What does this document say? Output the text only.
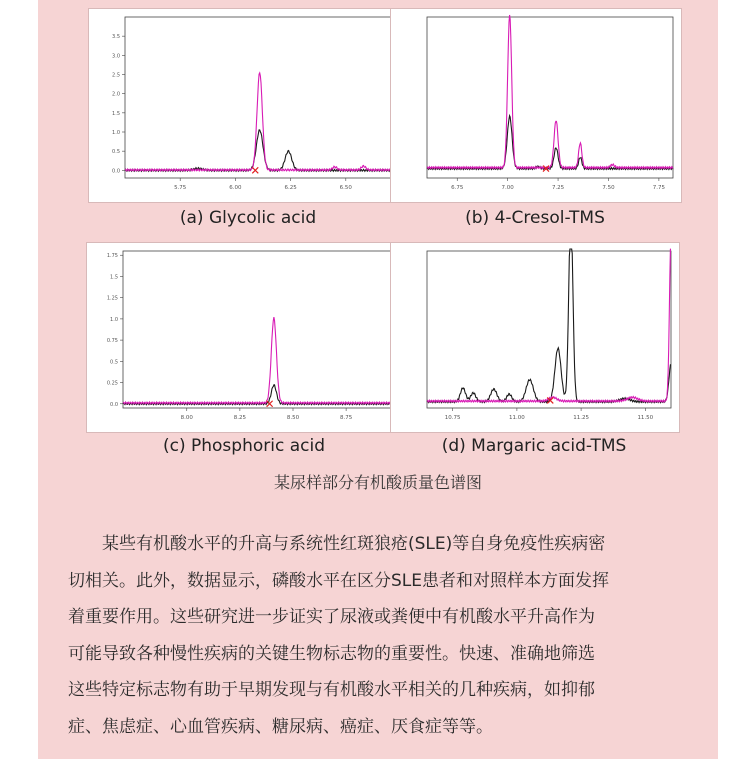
0.0
0.5
1.0
1.5
2.0
2.5
3.0
3.5
5.75	6.00	6.25	6.50
(a) Glycolic acid
6.75	7.00	7.25	7.50	7.75
(b) 4-Cresol-TMS
0.0
0.25
0.5
0.75
1.0
1.25
1.5
1.75
8.00	8.25	8.50	8.75
(c) Phosphoric acid
10.75	11.00	11.25	11.50
(d) Margaric acid-TMS
某尿样部分有机酸质量色谱图
某些有机酸水平的升高与系统性红斑狼疮(SLE)等自身免疫性疾病密
切相关。此外，数据显示，磷酸水平在区分SLE患者和对照样本方面发挥
着重要作用。这些研究进一步证实了尿液或粪便中有机酸水平升高作为
可能导致各种慢性疾病的关键生物标志物的重要性。快速、准确地筛选
这些特定标志物有助于早期发现与有机酸水平相关的几种疾病，如抑郁
症、焦虑症、心血管疾病、糖尿病、癌症、厌食症等等。
